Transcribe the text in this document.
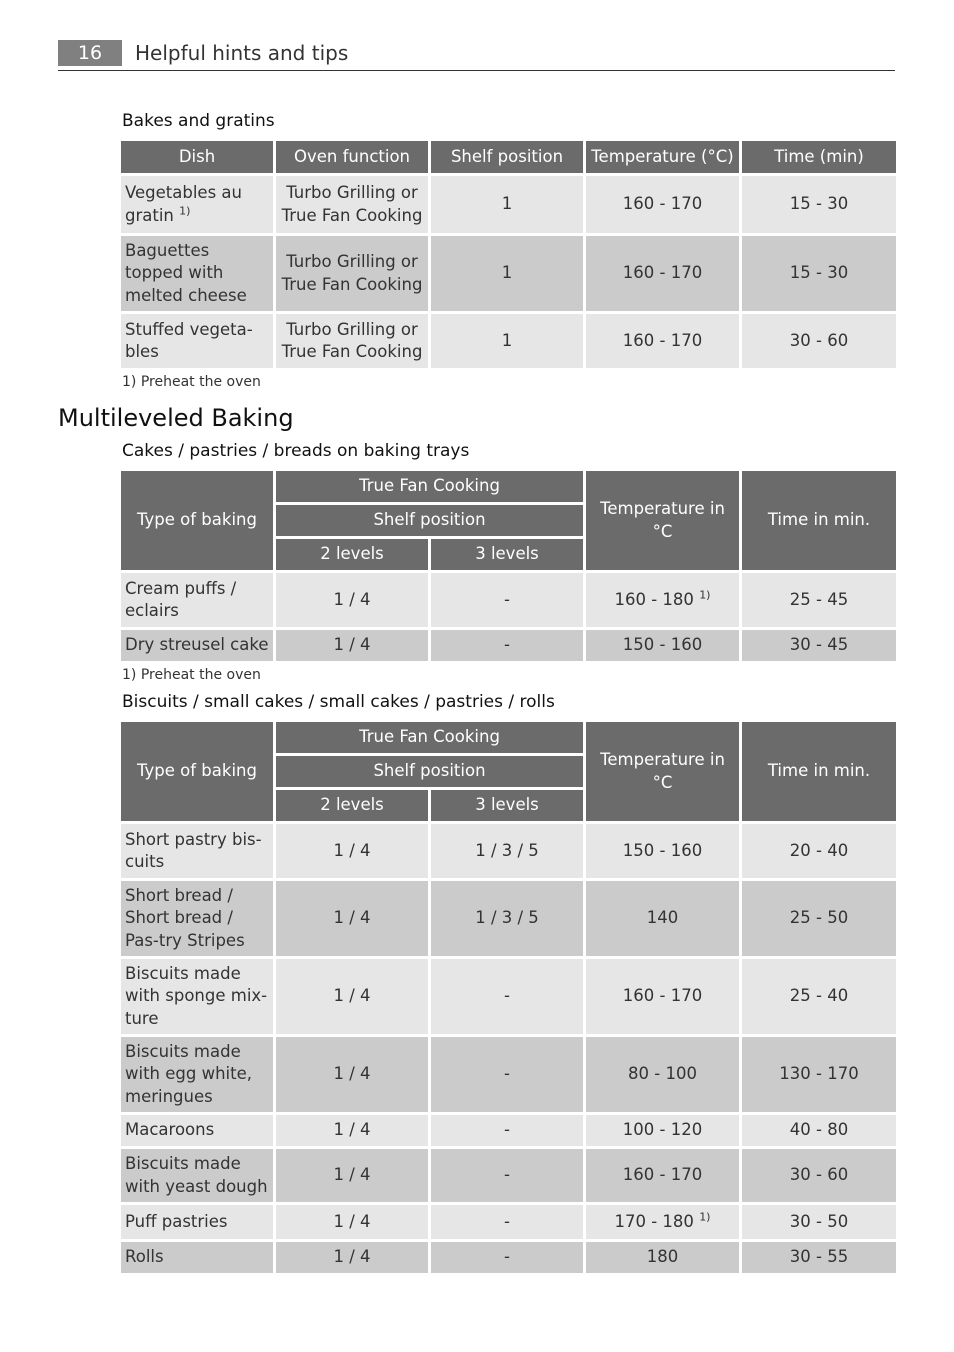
16	Helpful hints and tips
Bakes and gratins
Dish	Oven function	Shelf position	Temperature (°C)	Time (min)
Vegetables au gratin $^{1)}$	Turbo Grilling or True Fan Cooking	1	160 - 170	15 - 30
Baguettes topped with melted cheese	Turbo Grilling or True Fan Cooking	1	160 - 170	15 - 30
Stuffed vegeta-bles	Turbo Grilling or True Fan Cooking	1	160 - 170	30 - 60
1) Preheat the oven
Multileveled Baking
Cakes / pastries / breads on baking trays
Type of baking	True Fan Cooking		Temperature in °C	Time in min.
	Shelf position			
	2 levels	3 levels		
Cream puffs / eclairs	1 / 4	-	160 - 180 $^{1)}$	25 - 45
Dry streusel cake	1 / 4	-	150 - 160	30 - 45
1) Preheat the oven
Biscuits / small cakes / small cakes / pastries / rolls
Type of baking	True Fan Cooking		Temperature in °C	Time in min.
	Shelf position			
	2 levels	3 levels		
Short pastry bis-cuits	1 / 4	1 / 3 / 5	150 - 160	20 - 40
Short bread / Short bread / Pas-try Stripes	1 / 4	1 / 3 / 5	140	25 - 50
Biscuits made with sponge mix-ture	1 / 4	-	160 - 170	25 - 40
Biscuits made with egg white, meringues	1 / 4	-	80 - 100	130 - 170
Macaroons	1 / 4	-	100 - 120	40 - 80
Biscuits made with yeast dough	1 / 4	-	160 - 170	30 - 60
Puff pastries	1 / 4	-	170 - 180 $^{1)}$	30 - 50
Rolls	1 / 4	-	180	30 - 55
